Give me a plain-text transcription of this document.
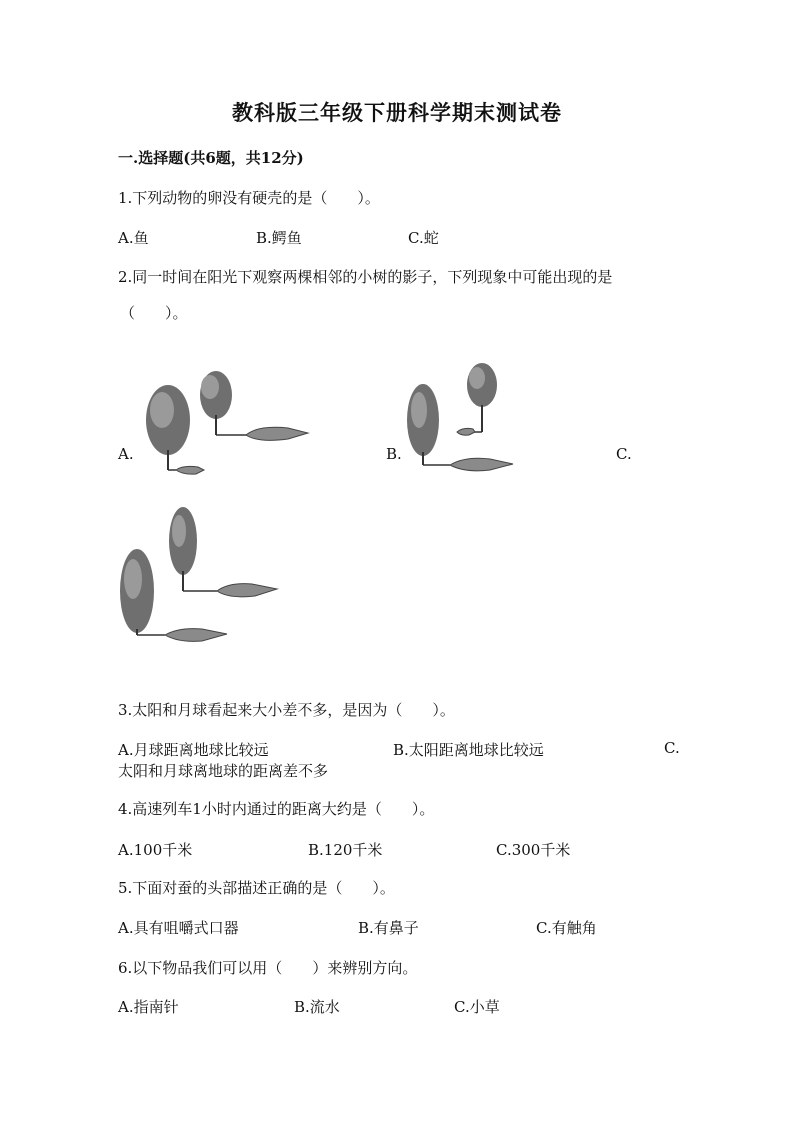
教科版三年级下册科学期末测试卷
一.选择题(共6题，共12分)
1.下列动物的卵没有硬壳的是（　　）。
A.鱼	B.鳄鱼	C.蛇
2.同一时间在阳光下观察两棵相邻的小树的影子，下列现象中可能出现的是
（　　）。
A.	B.	C.
3.太阳和月球看起来大小差不多，是因为（　　）。
A.月球距离地球比较远	B.太阳距离地球比较远	C.
太阳和月球离地球的距离差不多
4.高速列车1小时内通过的距离大约是（　　）。
A.100千米	B.120千米	C.300千米
5.下面对蚕的头部描述正确的是（　　）。
A.具有咀嚼式口器	B.有鼻子	C.有触角
6.以下物品我们可以用（　　）来辨别方向。
A.指南针	B.流水	C.小草
